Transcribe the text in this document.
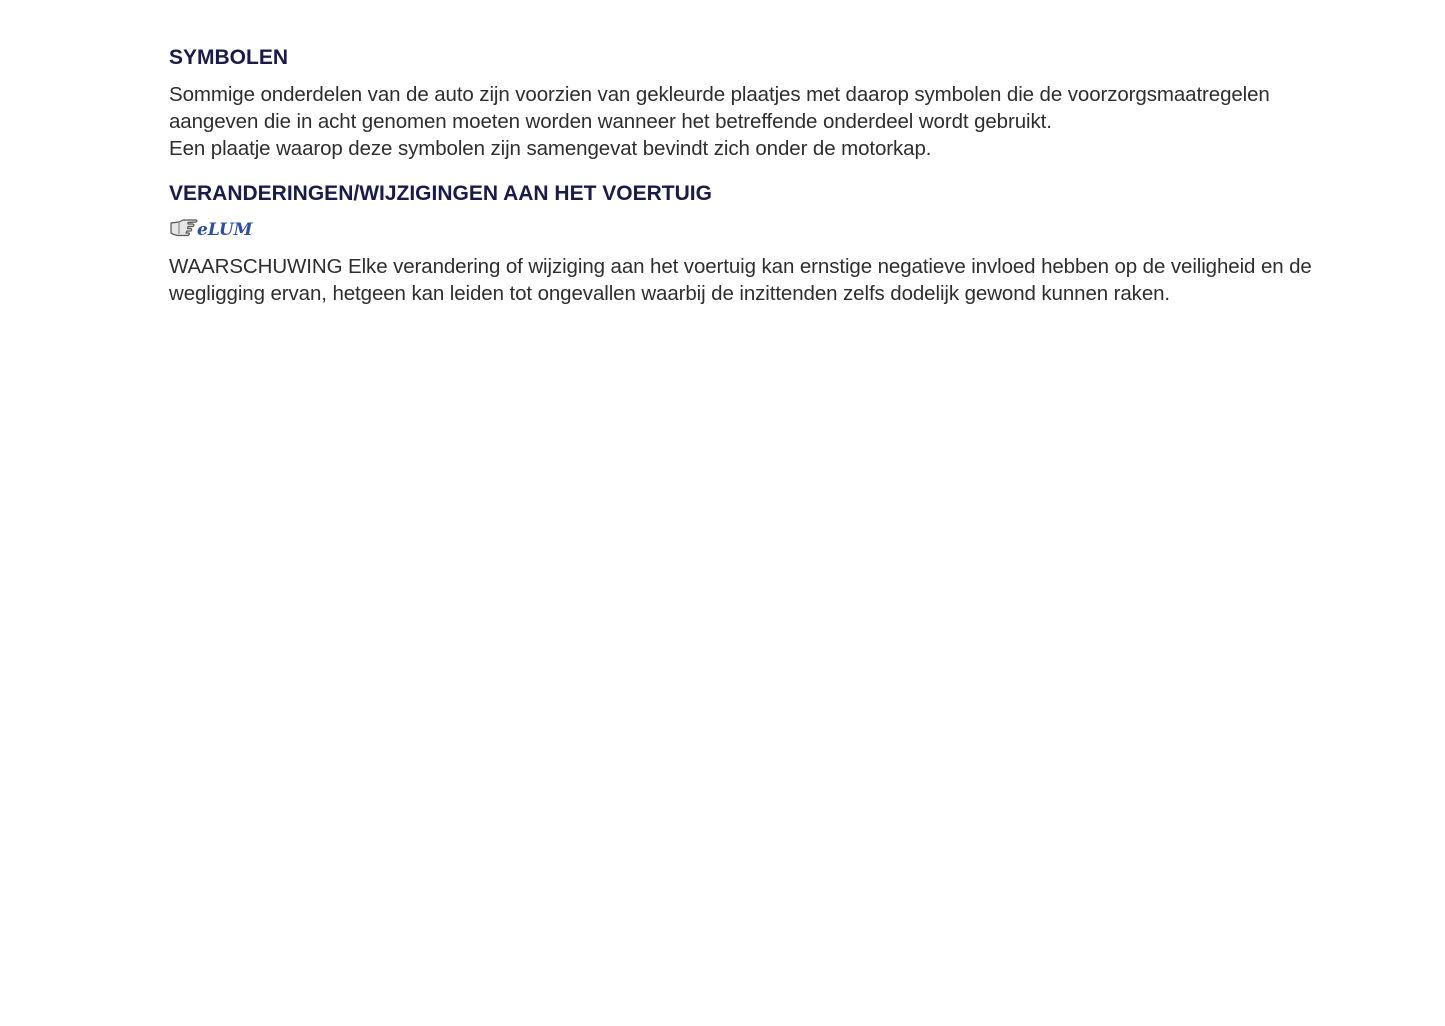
SYMBOLEN

Sommige onderdelen van de auto zijn voorzien van gekleurde plaatjes met daarop symbolen die de voorzorgsmaatregelen
aangeven die in acht genomen moeten worden wanneer het betreffende onderdeel wordt gebruikt.
Een plaatje waarop deze symbolen zijn samengevat bevindt zich onder de motorkap.

VERANDERINGEN/WIJZIGINGEN AAN HET VOERTUIG
eLUM

WAARSCHUWING Elke verandering of wijziging aan het voertuig kan ernstige negatieve invloed hebben op de veiligheid en de
wegligging ervan, hetgeen kan leiden tot ongevallen waarbij de inzittenden zelfs dodelijk gewond kunnen raken.
